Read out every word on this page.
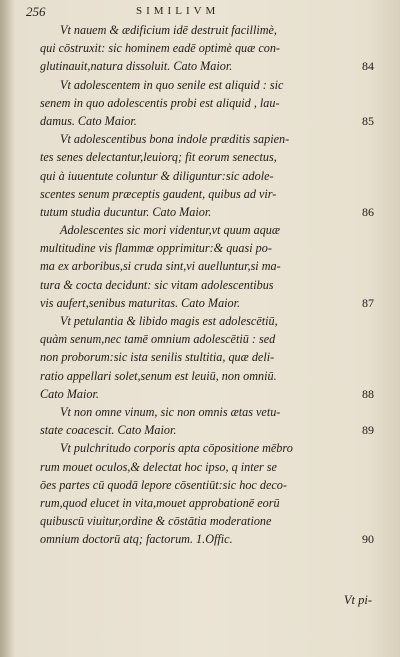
256	SIMILIVM
Vt nauem & ædificium idē destruit facillimè,
qui cōstruxit: sic hominem eadē optimè quæ con-
glutinauit,natura dissoluit. Cato Maior.	84
Vt adolescentem in quo senile est aliquid : sic
senem in quo adolescentis probi est aliquid , lau-
damus. Cato Maior.	85
Vt adolescentibus bona indole præditis sapien-
tes senes delectantur,leuiorq; fit eorum senectus,
qui à iuuentute coluntur & diliguntur:sic adole-
scentes senum præceptis gaudent, quibus ad vir-
tutum studia ducuntur. Cato Maior.	86
Adolescentes sic mori videntur,vt quum aquæ
multitudine vis flammæ opprimitur:& quasi po-
ma ex arboribus,si cruda sint,vi auelluntur,si ma-
tura & cocta decidunt: sic vitam adolescentibus
vis aufert,senibus maturitas. Cato Maior.	87
Vt petulantia & libido magis est adolescētiū,
quàm senum,nec tamē omnium adolescētiū : sed
non proborum:sic ista senilis stultitia, quæ deli-
ratio appellari solet,senum est leuiū, non omniū.
Cato Maior.	88
Vt non omne vinum, sic non omnis ætas vetu-
state coacescit. Cato Maior.	89
Vt pulchritudo corporis apta cōpositione mēbro
rum mouet oculos,& delectat hoc ipso, q inter se
ōes partes cū quodā lepore cōsentiūt:sic hoc deco-
rum,quod elucet in vita,mouet approbationē eorū
quibuscū viuitur,ordine & cōstātia moderatione
omnium doctorū atq; factorum. 1.Offic.	90
Vt pi-
